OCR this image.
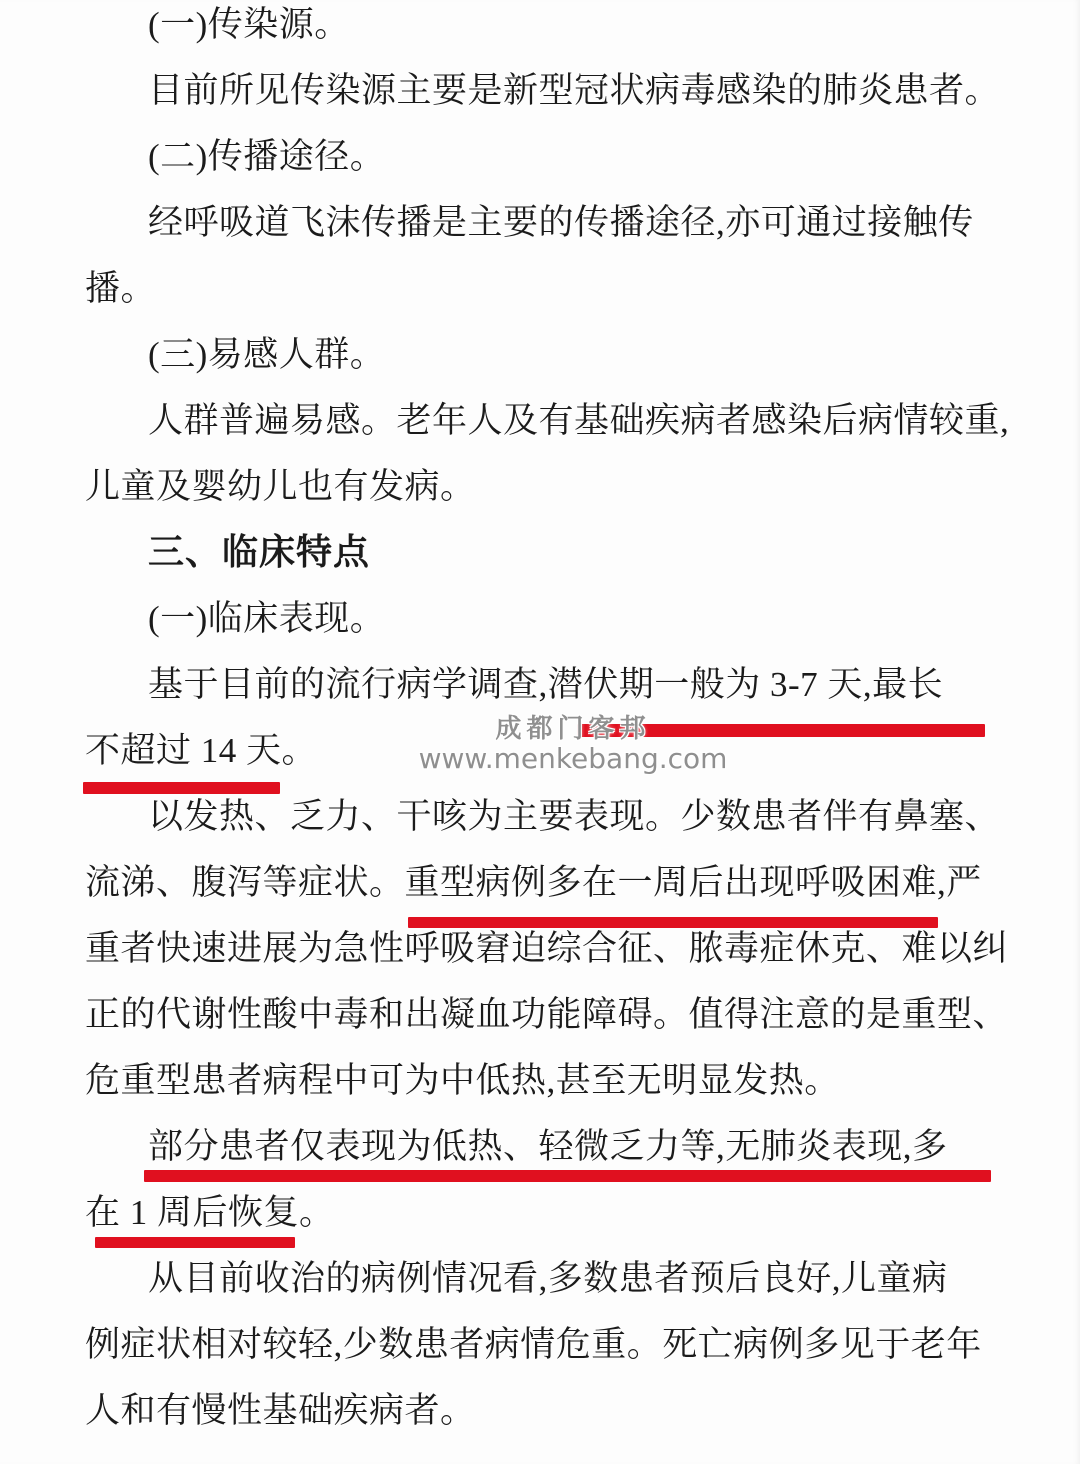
(一)传染源。
目前所见传染源主要是新型冠状病毒感染的肺炎患者。
(二)传播途径。
经呼吸道飞沫传播是主要的传播途径,亦可通过接触传
播。
(三)易感人群。
人群普遍易感。老年人及有基础疾病者感染后病情较重,
儿童及婴幼儿也有发病。
三、临床特点
(一)临床表现。
基于目前的流行病学调查,潜伏期一般为 3-7 天,最长
不超过 14 天。
以发热、乏力、干咳为主要表现。少数患者伴有鼻塞、
流涕、腹泻等症状。重型病例多在一周后出现呼吸困难,严
重者快速进展为急性呼吸窘迫综合征、脓毒症休克、难以纠
正的代谢性酸中毒和出凝血功能障碍。值得注意的是重型、
危重型患者病程中可为中低热,甚至无明显发热。
部分患者仅表现为低热、轻微乏力等,无肺炎表现,多
在 1 周后恢复。
从目前收治的病例情况看,多数患者预后良好,儿童病
例症状相对较轻,少数患者病情危重。死亡病例多见于老年
人和有慢性基础疾病者。
成都门客邦
www.menkebang.com
